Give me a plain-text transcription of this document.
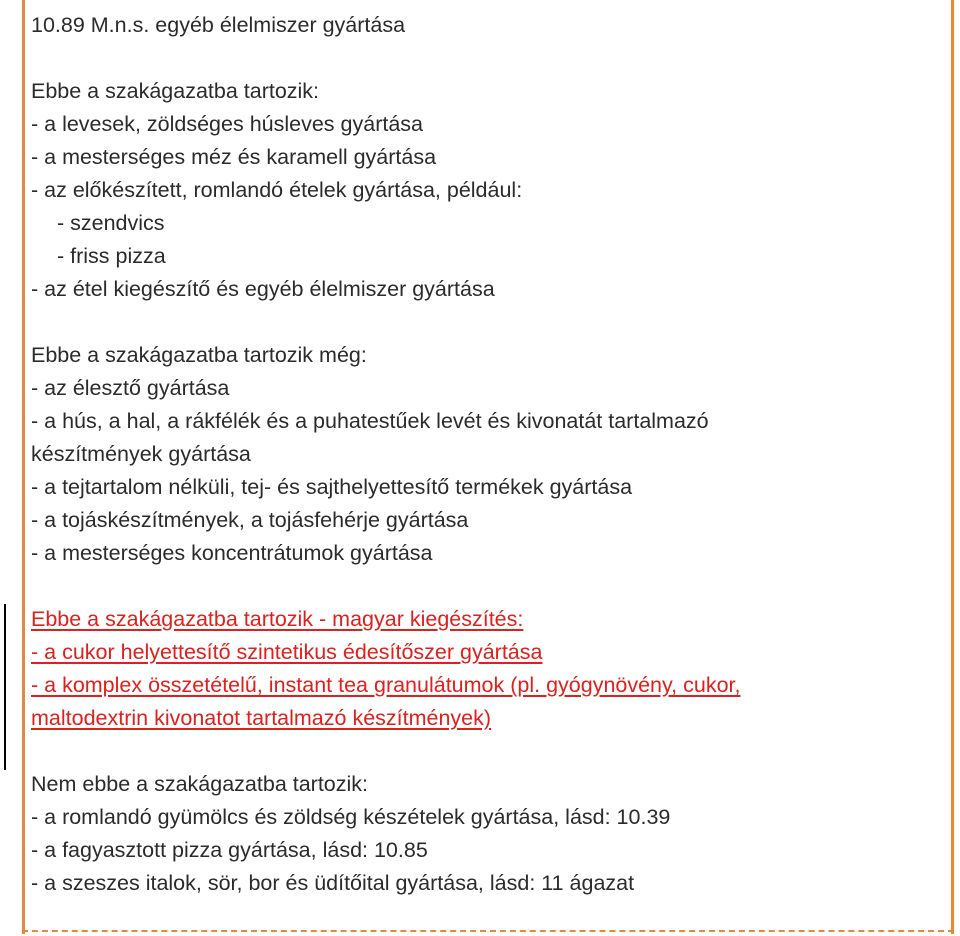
10.89 M.n.s. egyéb élelmiszer gyártása
Ebbe a szakágazatba tartozik:
- a levesek, zöldséges húsleves gyártása
- a mesterséges méz és karamell gyártása
- az előkészített, romlandó ételek gyártása, például:
- szendvics
- friss pizza
- az étel kiegészítő és egyéb élelmiszer gyártása
Ebbe a szakágazatba tartozik még:
- az élesztő gyártása
- a hús, a hal, a rákfélék és a puhatestűek levét és kivonatát tartalmazó
készítmények gyártása
- a tejtartalom nélküli, tej- és sajthelyettesítő termékek gyártása
- a tojáskészítmények, a tojásfehérje gyártása
- a mesterséges koncentrátumok gyártása
Ebbe a szakágazatba tartozik - magyar kiegészítés:
- a cukor helyettesítő szintetikus édesítőszer gyártása
- a komplex összetételű, instant tea granulátumok (pl. gyógynövény, cukor,
maltodextrin kivonatot tartalmazó készítmények)
Nem ebbe a szakágazatba tartozik:
- a romlandó gyümölcs és zöldség készételek gyártása, lásd: 10.39
- a fagyasztott pizza gyártása, lásd: 10.85
- a szeszes italok, sör, bor és üdítőital gyártása, lásd: 11 ágazat
